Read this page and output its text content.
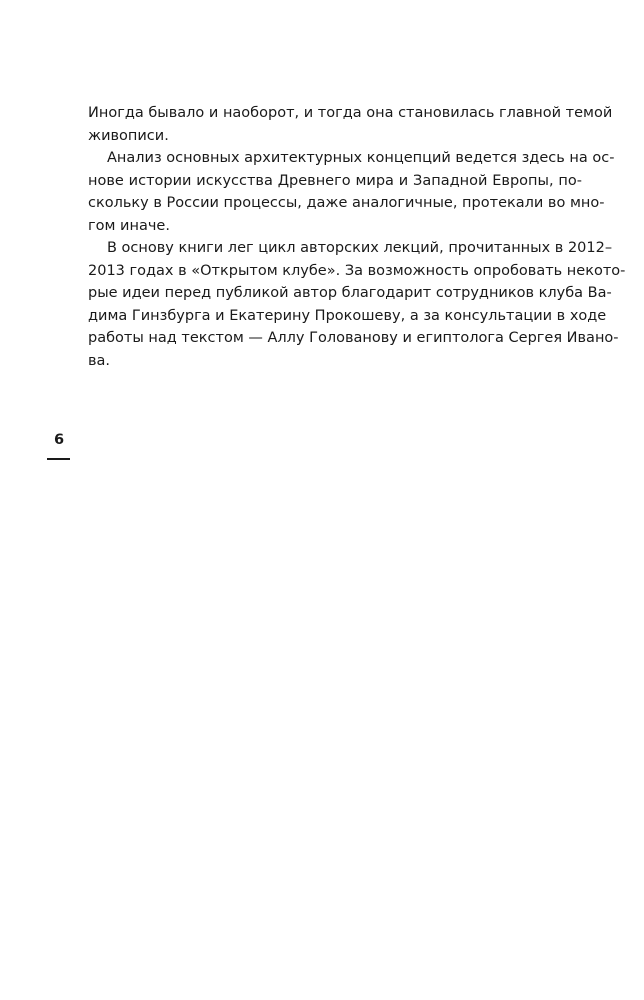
Иногда бывало и наоборот, и тогда она становилась главной темой
живописи.
Анализ основных архитектурных концепций ведется здесь на ос-
нове истории искусства Древнего мира и Западной Европы, по-
скольку в России процессы, даже аналогичные, протекали во мно-
гом иначе.
В основу книги лег цикл авторских лекций, прочитанных в 2012–
2013 годах в «Открытом клубе». За возможность опробовать некото-
рые идеи перед публикой автор благодарит сотрудников клуба Ва-
дима Гинзбурга и Екатерину Прокошеву, а за консультации в ходе
работы над текстом — Аллу Голованову и египтолога Сергея Ивано-
ва.
6
